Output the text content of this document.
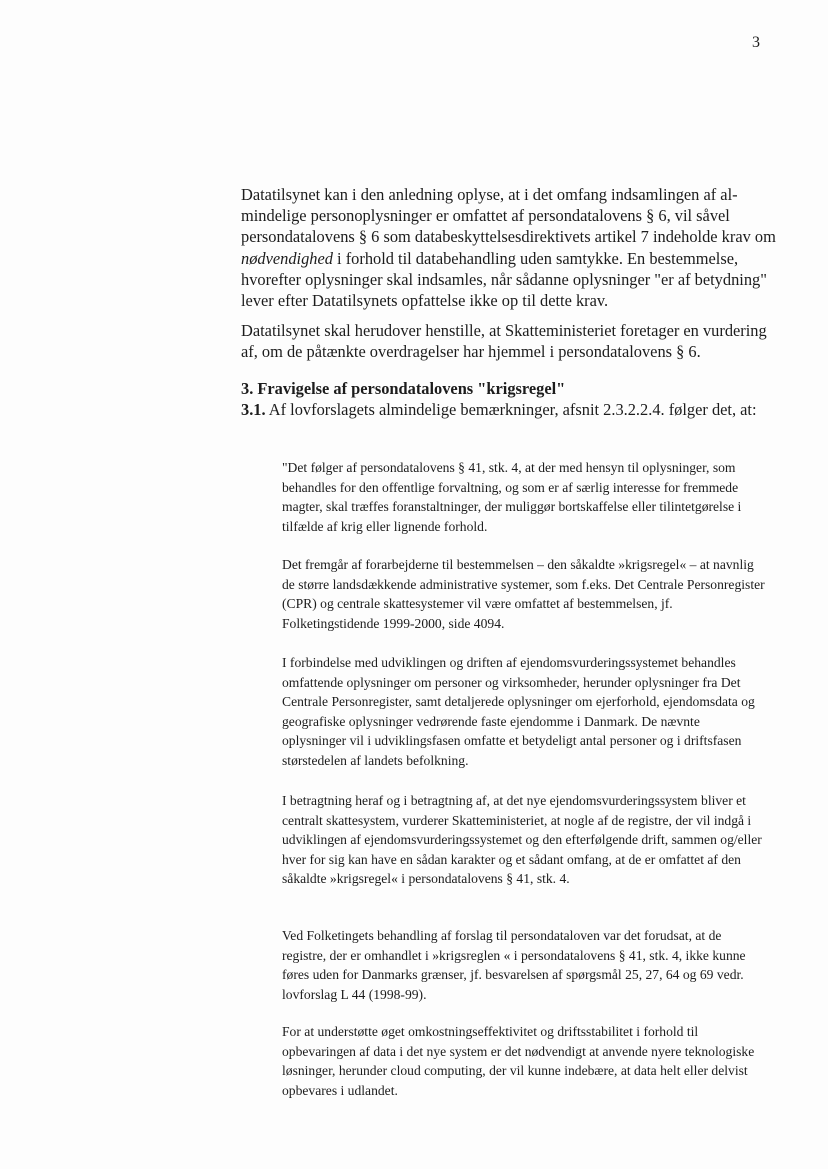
3

Datatilsynet kan i den anledning oplyse, at i det omfang indsamlingen af almindelige personoplysninger er omfattet af persondatalovens § 6, vil såvel persondatalovens § 6 som databeskyttelsesdirektivets artikel 7 indeholde krav om nødvendighed i forhold til databehandling uden samtykke. En bestemmelse, hvorefter oplysninger skal indsamles, når sådanne oplysninger "er af betydning" lever efter Datatilsynets opfattelse ikke op til dette krav.

Datatilsynet skal herudover henstille, at Skatteministeriet foretager en vurdering af, om de påtænkte overdragelser har hjemmel i persondatalovens § 6.

3. Fravigelse af persondatalovens "krigsregel"

3.1. Af lovforslagets almindelige bemærkninger, afsnit 2.3.2.2.4. følger det, at:

"Det følger af persondatalovens § 41, stk. 4, at der med hensyn til oplysninger, som behandles for den offentlige forvaltning, og som er af særlig interesse for fremmede magter, skal træffes foranstaltninger, der muliggør bortskaffelse eller tilintetgørelse i tilfælde af krig eller lignende forhold.

Det fremgår af forarbejderne til bestemmelsen – den såkaldte »krigsregel« – at navnlig de større landsdækkende administrative systemer, som f.eks. Det Centrale Personregister (CPR) og centrale skattesystemer vil være omfattet af bestemmelsen, jf. Folketingstidende 1999-2000, side 4094.

I forbindelse med udviklingen og driften af ejendomsvurderingssystemet behandles omfattende oplysninger om personer og virksomheder, herunder oplysninger fra Det Centrale Personregister, samt detaljerede oplysninger om ejerforhold, ejendomsdata og geografiske oplysninger vedrørende faste ejendomme i Danmark. De nævnte oplysninger vil i udviklingsfasen omfatte et betydeligt antal personer og i driftsfasen størstedelen af landets befolkning.

I betragtning heraf og i betragtning af, at det nye ejendomsvurderingssystem bliver et centralt skattesystem, vurderer Skatteministeriet, at nogle af de registre, der vil indgå i udviklingen af ejendomsvurderingssystemet og den efterfølgende drift, sammen og/eller hver for sig kan have en sådan karakter og et sådant omfang, at de er omfattet af den såkaldte »krigsregel« i persondatalovens § 41, stk. 4.

Ved Folketingets behandling af forslag til persondataloven var det forudsat, at de registre, der er omhandlet i »krigsreglen « i persondatalovens § 41, stk. 4, ikke kunne føres uden for Danmarks grænser, jf. besvarelsen af spørgsmål 25, 27, 64 og 69 vedr. lovforslag L 44 (1998-99).

For at understøtte øget omkostningseffektivitet og driftsstabilitet i forhold til opbevaringen af data i det nye system er det nødvendigt at anvende nyere teknologiske løsninger, herunder cloud computing, der vil kunne indebære, at data helt eller delvist opbevares i udlandet.
